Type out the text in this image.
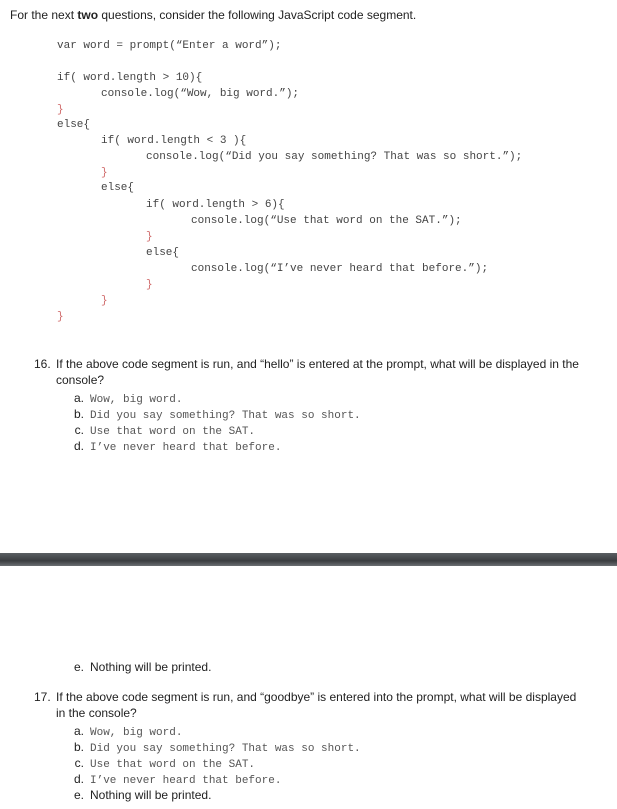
For the next two questions, consider the following JavaScript code segment.
var word = prompt(“Enter a word”);
if( word.length > 10){
console.log(“Wow, big word.”);
}
else{
if( word.length < 3 ){
console.log(“Did you say something? That was so short.”);
}
else{
if( word.length > 6){
console.log(“Use that word on the SAT.”);
}
else{
console.log(“I’ve never heard that before.”);
}
}
}
16. If the above code segment is run, and “hello” is entered at the prompt, what will be displayed in the
console?
a. Wow, big word.
b. Did you say something? That was so short.
c. Use that word on the SAT.
d. I’ve never heard that before.
e. Nothing will be printed.
17. If the above code segment is run, and “goodbye” is entered into the prompt, what will be displayed
in the console?
a. Wow, big word.
b. Did you say something? That was so short.
c. Use that word on the SAT.
d. I’ve never heard that before.
e. Nothing will be printed.
